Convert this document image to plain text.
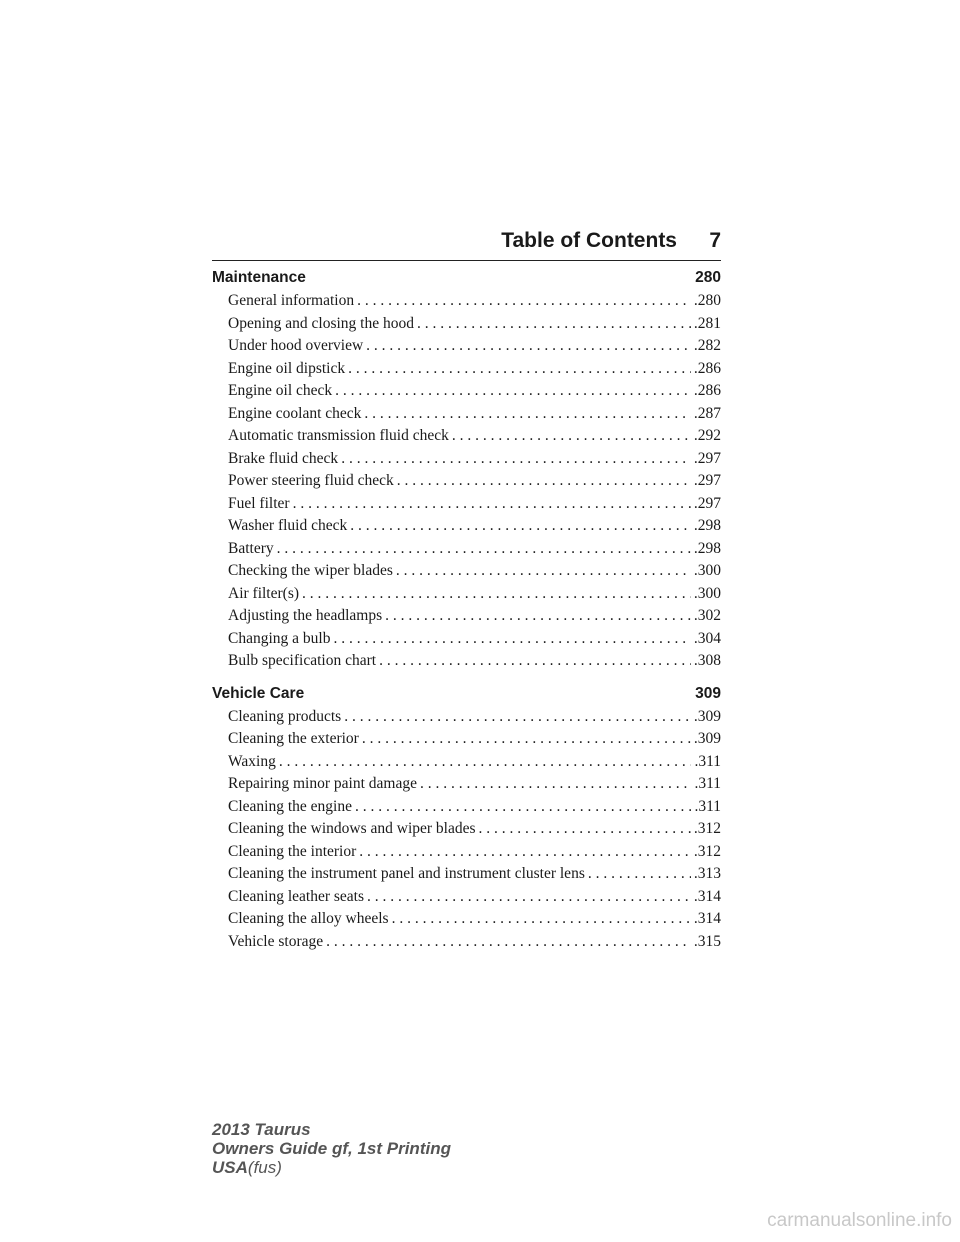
Table of Contents 7
Maintenance	280
General information . . .	.280
Opening and closing the hood . . .	.281
Under hood overview . . .	.282
Engine oil dipstick . . .	.286
Engine oil check . . .	.286
Engine coolant check . . .	.287
Automatic transmission fluid check . . .	.292
Brake fluid check . . .	.297
Power steering fluid check . . .	.297
Fuel filter . . .	.297
Washer fluid check . . .	.298
Battery . . .	.298
Checking the wiper blades . . .	.300
Air filter(s) . . .	.300
Adjusting the headlamps . . .	.302
Changing a bulb . . .	.304
Bulb specification chart . . .	.308
Vehicle Care	309
Cleaning products . . .	.309
Cleaning the exterior . . .	.309
Waxing . . .	.311
Repairing minor paint damage . . .	.311
Cleaning the engine . . .	.311
Cleaning the windows and wiper blades . . .	.312
Cleaning the interior . . .	.312
Cleaning the instrument panel and instrument cluster lens . . .	.313
Cleaning leather seats . . .	.314
Cleaning the alloy wheels . . .	.314
Vehicle storage . . .	.315
2013 Taurus
Owners Guide gf, 1st Printing
USA(fus)
carmanualsonline.info
